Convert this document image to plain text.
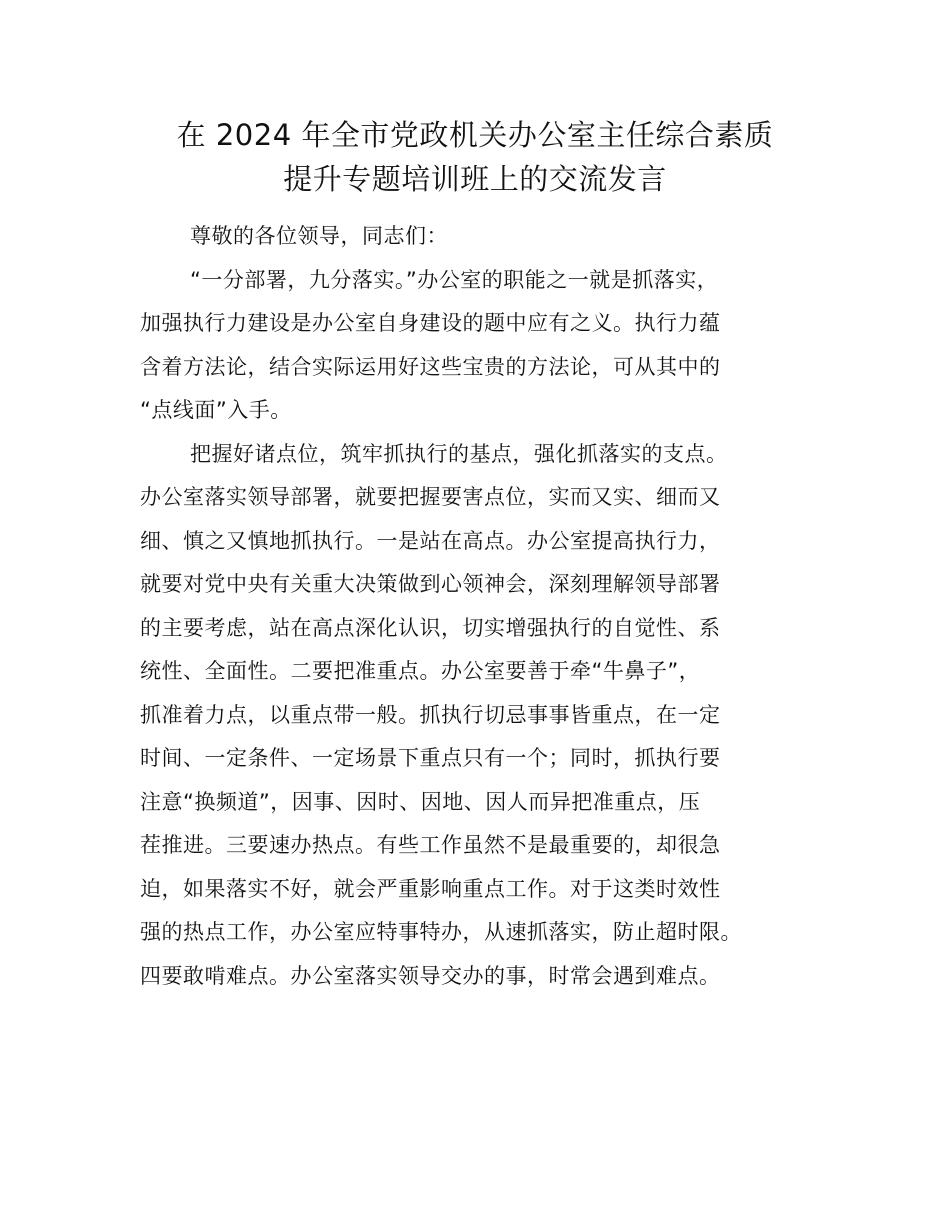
在 2024 年全市党政机关办公室主任综合素质
提升专题培训班上的交流发言
尊敬的各位领导，同志们：
“一分部署，九分落实。”办公室的职能之一就是抓落实，
加强执行力建设是办公室自身建设的题中应有之义。执行力蕴
含着方法论，结合实际运用好这些宝贵的方法论，可从其中的
“点线面”入手。
把握好诸点位，筑牢抓执行的基点，强化抓落实的支点。
办公室落实领导部署，就要把握要害点位，实而又实、细而又
细、慎之又慎地抓执行。一是站在高点。办公室提高执行力，
就要对党中央有关重大决策做到心领神会，深刻理解领导部署
的主要考虑，站在高点深化认识，切实增强执行的自觉性、系
统性、全面性。二要把准重点。办公室要善于牵“牛鼻子”，
抓准着力点，以重点带一般。抓执行切忌事事皆重点，在一定
时间、一定条件、一定场景下重点只有一个；同时，抓执行要
注意“换频道”，因事、因时、因地、因人而异把准重点，压
茬推进。三要速办热点。有些工作虽然不是最重要的，却很急
迫，如果落实不好，就会严重影响重点工作。对于这类时效性
强的热点工作，办公室应特事特办，从速抓落实，防止超时限。
四要敢啃难点。办公室落实领导交办的事，时常会遇到难点。
